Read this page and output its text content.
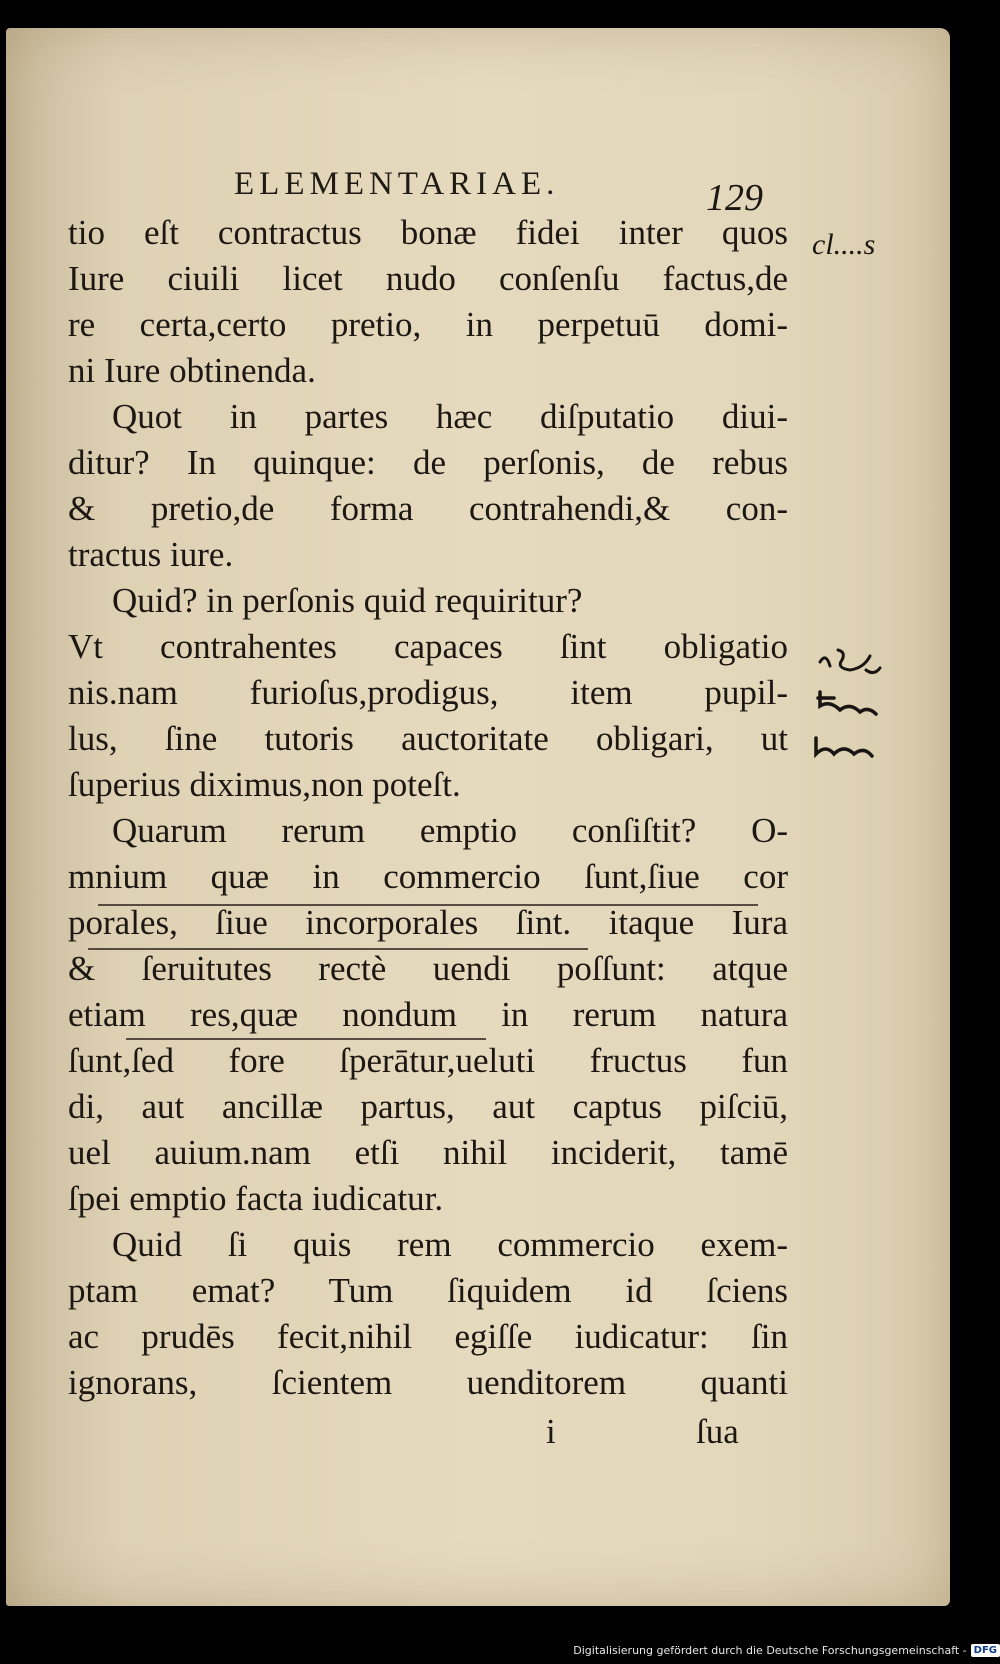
ELEMENTARIAE.	129
tio eſt contractus bonæ fidei inter quos
Iure ciuili licet nudo conſenſu factus,de
re certa,certo pretio, in perpetuū domi-
ni Iure obtinenda.
Quot in partes hæc diſputatio diui-
ditur? In quinque: de perſonis, de rebus
& pretio,de forma contrahendi,& con-
tractus iure.
Quid? in perſonis quid requiritur?
Vt contrahentes capaces ſint obligatio
nis.nam furioſus,prodigus, item pupil-
lus, ſine tutoris auctoritate obligari, ut
ſuperius diximus,non poteſt.
Quarum rerum emptio conſiſtit? O-
mnium quæ in commercio ſunt,ſiue cor
porales, ſiue incorporales ſint. itaque Iura
& ſeruitutes rectè uendi poſſunt: atque
etiam res,quæ nondum in rerum natura
ſunt,ſed fore ſperātur,ueluti fructus fun
di, aut ancillæ partus, aut captus piſciū,
uel auium.nam etſi nihil inciderit, tamē
ſpei emptio facta iudicatur.
Quid ſi quis rem commercio exem-
ptam emat? Tum ſiquidem id ſciens
ac prudēs fecit,nihil egiſſe iudicatur: ſin
ignorans, ſcientem uenditorem quanti
i	ſua
cl....s
Digitalisierung gefördert durch die Deutsche Forschungsgemeinschaft - DFG
